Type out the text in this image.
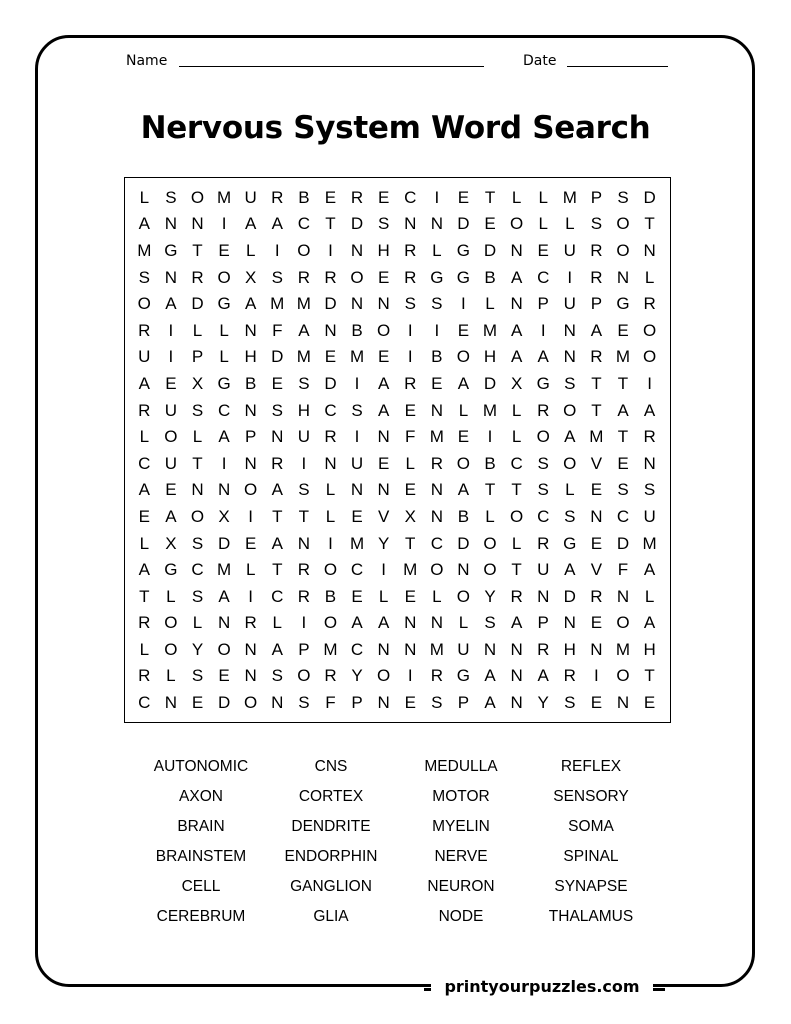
Name	Date
Nervous System Word Search
L S O M U R B E R E C	I	E T L	L M P S D
A N N	I	A A C T D S N N D E O L	L S O T
M G T E L	I	O	I	N H R L G D N E U R O N
S N R O X S R R O E R G G B A C	I	R N L
O A D G A M M D N N S S	I	L N P U P G R
R	I	L	L N F A N B O	I	I	E M A	I	N A E O
U	I	P L H D M E M E	I	B O H A A N R M O
A E X G B E S D	I	A R E A D X G S T T	I
R U S C N S H C S A E N L M L R O T A A
L O L A P N U R	I	N F M E	I	L O A M T R
C U T	I	N R	I	N U E L R O B C S O V E N
A E N N O A S L N N E N A T T S L E S S
E A O X	I	T T L E V X N B L O C S N C U
L X S D E A N	I	M Y T C D O L R G E D M
A G C M L T R O C	I	M O N O T U A V F A
T L S A	I	C R B E L E L O Y R N D R N L
R O L N R L	I	O A A N N L S A P N E O A
L O Y O N A P M C N N M U N N R H N M H
R L S E N S O R Y O	I	R G A N A R	I	O T
C N E D O N S F P N E S P A N Y S E N E
AUTONOMIC	CNS	MEDULLA	REFLEX
AXON	CORTEX	MOTOR	SENSORY
BRAIN	DENDRITE	MYELIN	SOMA
BRAINSTEM	ENDORPHIN	NERVE	SPINAL
CELL	GANGLION	NEURON	SYNAPSE
CEREBRUM	GLIA	NODE	THALAMUS
printyourpuzzles.com
